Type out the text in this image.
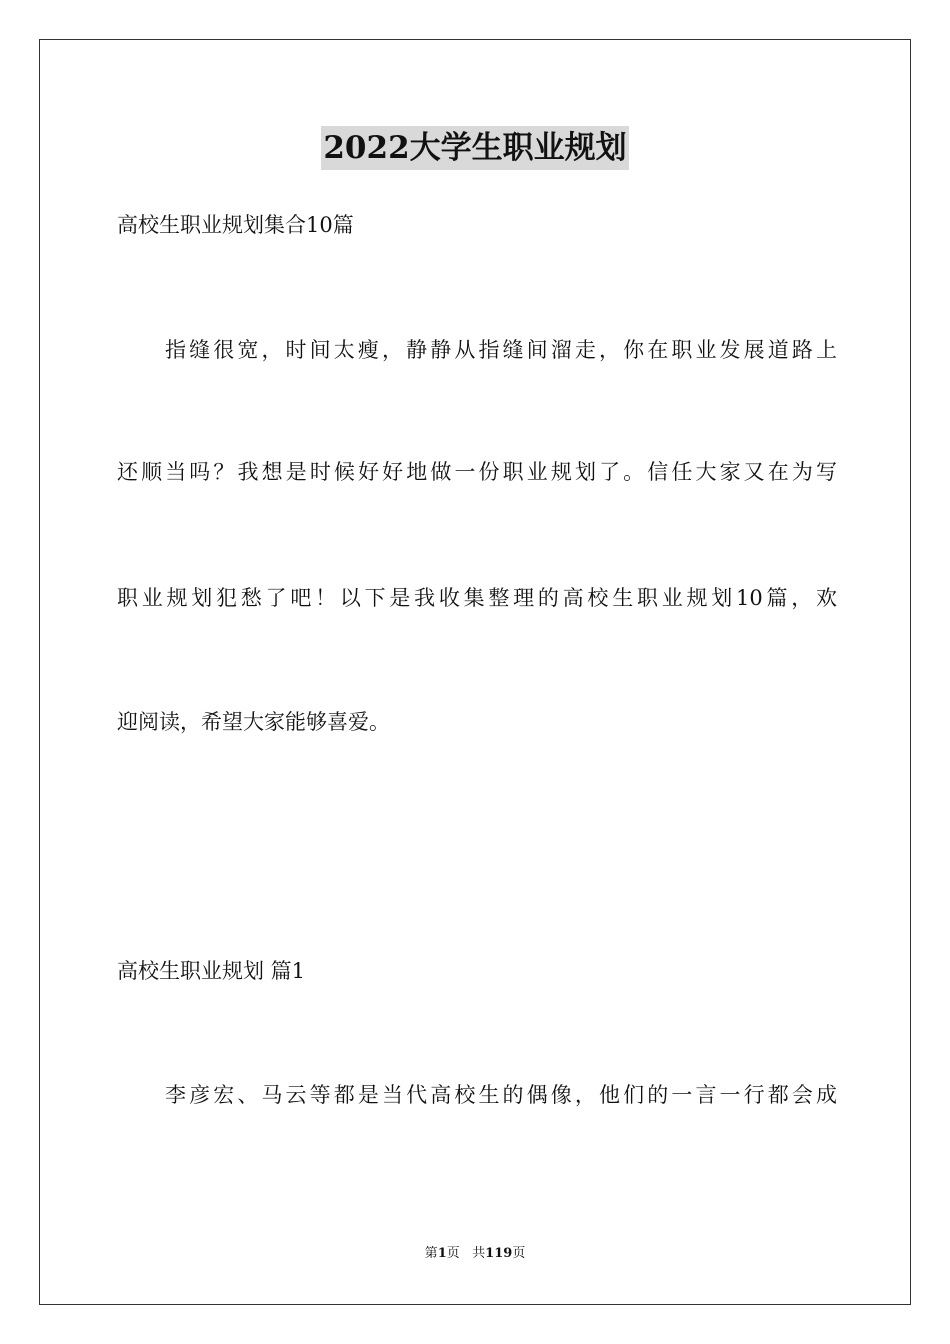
2022大学生职业规划
高校生职业规划集合10篇
指缝很宽，时间太瘦，静静从指缝间溜走，你在职业发展道路上
还顺当吗？我想是时候好好地做一份职业规划了。信任大家又在为写
职业规划犯愁了吧！以下是我收集整理的高校生职业规划10篇，欢
迎阅读，希望大家能够喜爱。
高校生职业规划 篇1
李彦宏、马云等都是当代高校生的偶像，他们的一言一行都会成
第1页 共119页
